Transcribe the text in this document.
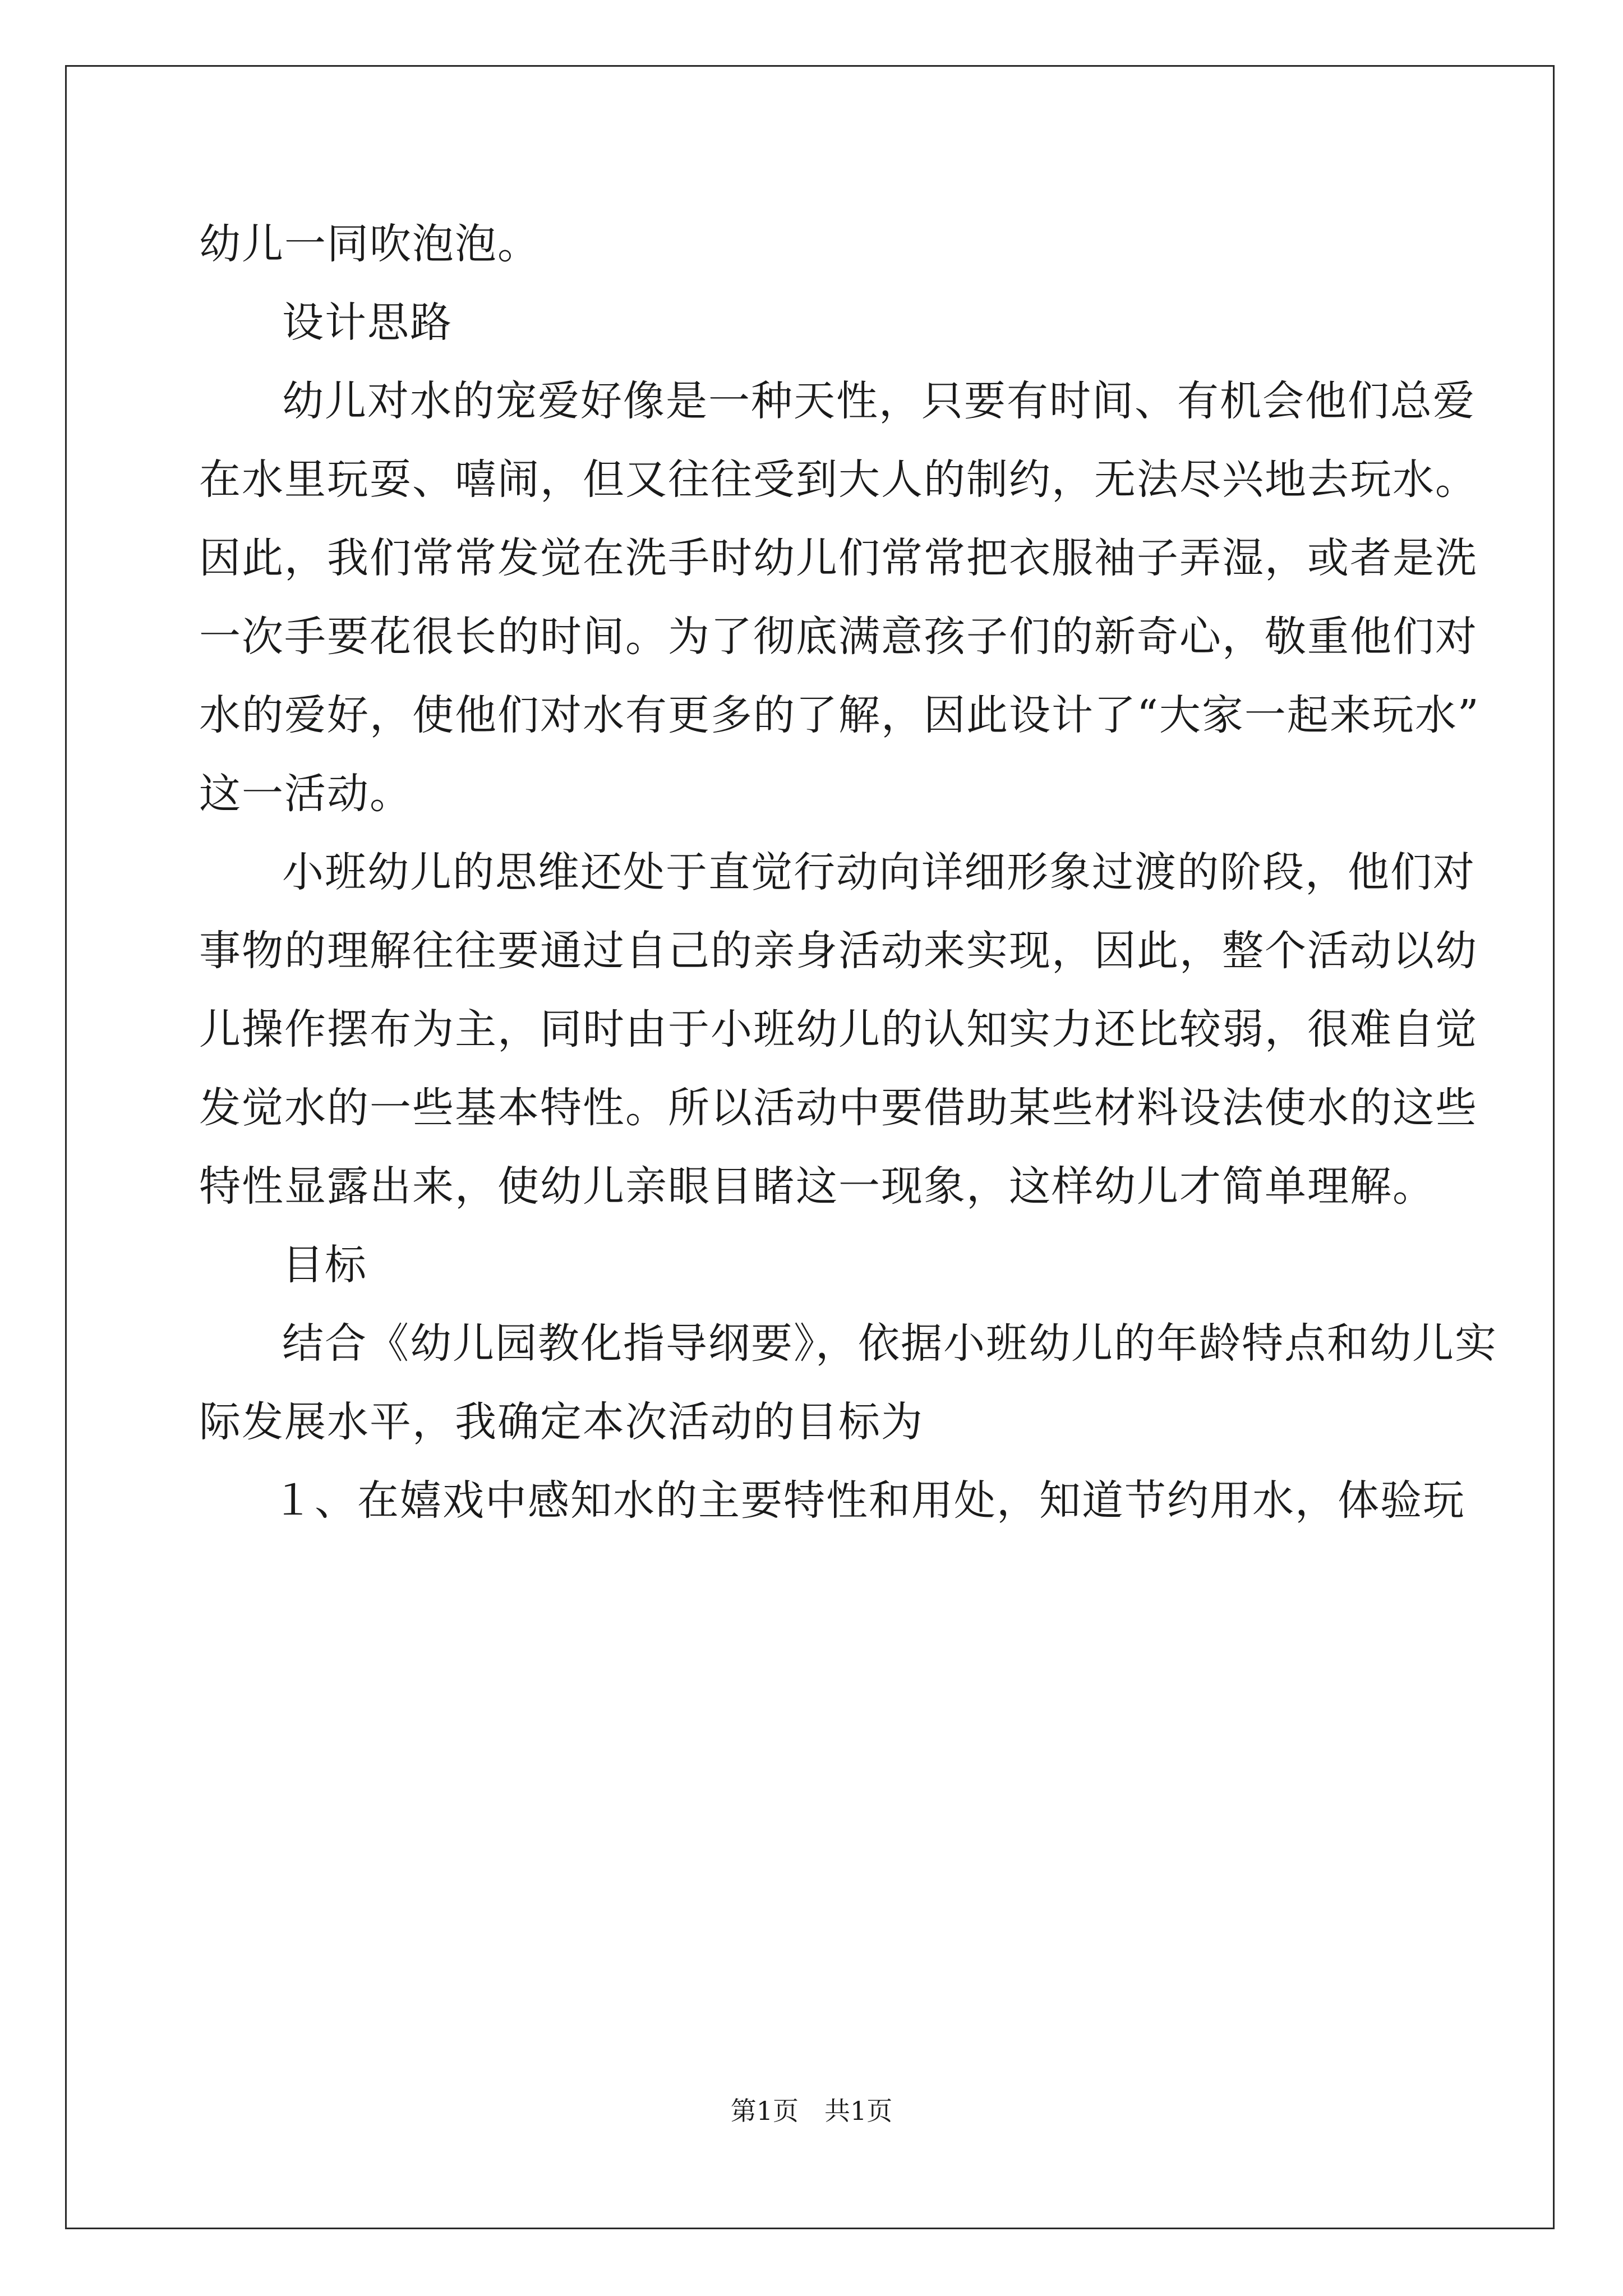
幼儿一同吹泡泡。

设计思路

幼儿对水的宠爱好像是一种天性，只要有时间、有机会他们总爱

在水里玩耍、嘻闹，但又往往受到大人的制约，无法尽兴地去玩水。

因此，我们常常发觉在洗手时幼儿们常常把衣服袖子弄湿，或者是洗

一次手要花很长的时间。为了彻底满意孩子们的新奇心，敬重他们对

水的爱好，使他们对水有更多的了解，因此设计了“大家一起来玩水”

这一活动。

小班幼儿的思维还处于直觉行动向详细形象过渡的阶段，他们对

事物的理解往往要通过自己的亲身活动来实现，因此，整个活动以幼

儿操作摆布为主，同时由于小班幼儿的认知实力还比较弱，很难自觉

发觉水的一些基本特性。所以活动中要借助某些材料设法使水的这些

特性显露出来，使幼儿亲眼目睹这一现象，这样幼儿才简单理解。

目标

结合《幼儿园教化指导纲要》，依据小班幼儿的年龄特点和幼儿实

际发展水平，我确定本次活动的目标为

１、在嬉戏中感知水的主要特性和用处，知道节约用水，体验玩

第1页　共1页
